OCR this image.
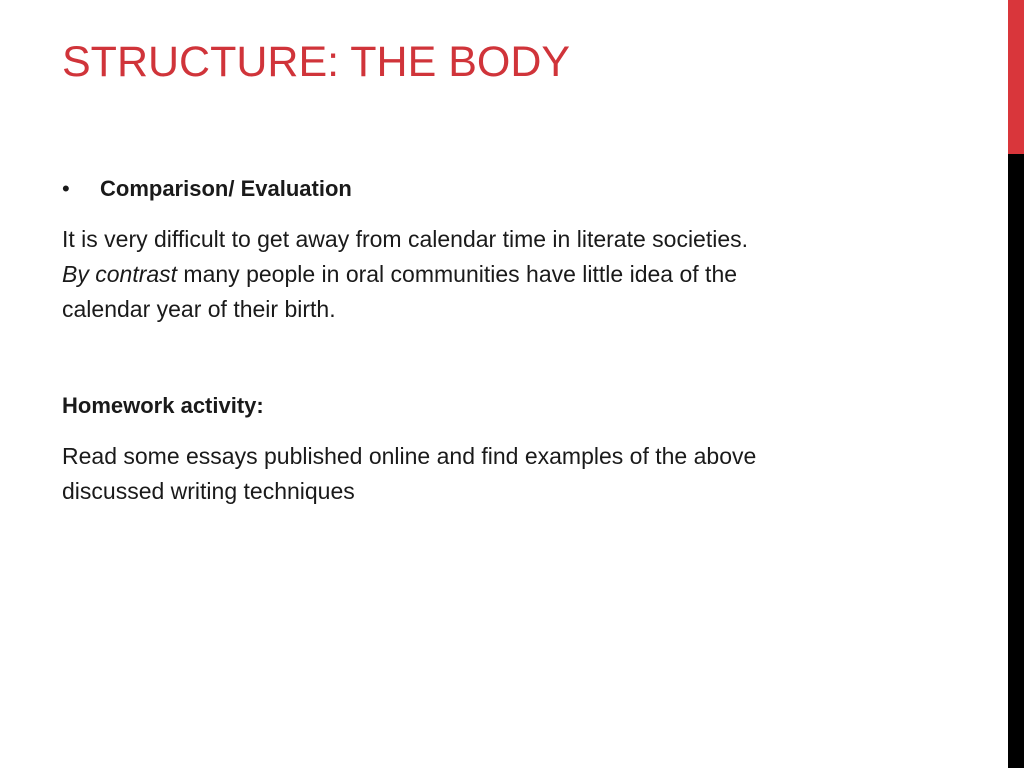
STRUCTURE: THE BODY
•	Comparison/ Evaluation
It is very difficult to get away from calendar time in literate societies.
By contrast many people in oral communities have little idea of the
calendar year of their birth.
Homework activity:
Read some essays published online and find examples of the above
discussed writing techniques
